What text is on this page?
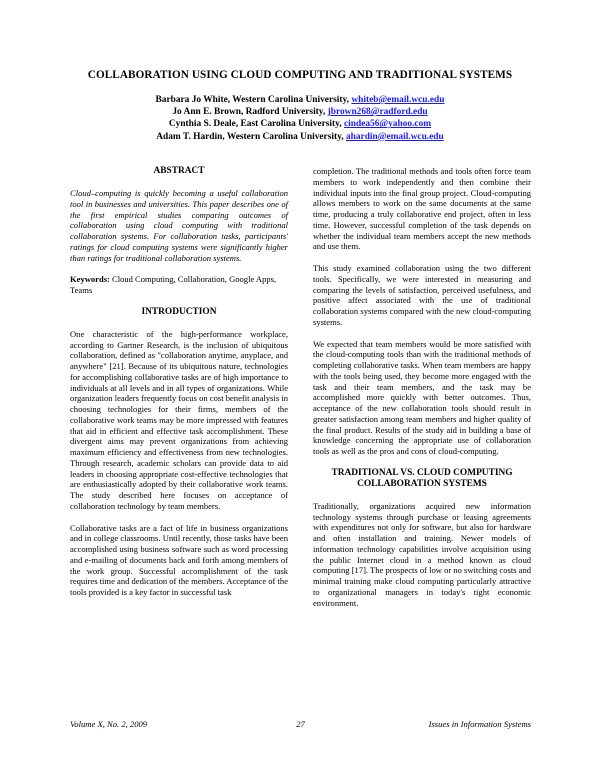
COLLABORATION USING CLOUD COMPUTING AND TRADITIONAL SYSTEMS
Barbara Jo White, Western Carolina University, whiteb@email.wcu.edu
Jo Ann E. Brown, Radford University, jbrown268@radford.edu
Cynthia S. Deale, East Carolina University, cindea56@yahoo.com
Adam T. Hardin, Western Carolina University, ahardin@email.wcu.edu
ABSTRACT

Cloud–computing is quickly becoming a useful collaboration tool in businesses and universities. This paper describes one of the first empirical studies comparing outcomes of collaboration using cloud computing with traditional collaboration systems. For collaboration tasks, participants' ratings for cloud computing systems were significantly higher than ratings for traditional collaboration systems.

Keywords: Cloud Computing, Collaboration, Google Apps, Teams

INTRODUCTION

One characteristic of the high-performance workplace, according to Gartner Research, is the inclusion of ubiquitous collaboration, defined as "collaboration anytime, anyplace, and anywhere" [21]. Because of its ubiquitous nature, technologies for accomplishing collaborative tasks are of high importance to individuals at all levels and in all types of organizations. While organization leaders frequently focus on cost benefit analysis in choosing technologies for their firms, members of the collaborative work teams may be more impressed with features that aid in efficient and effective task accomplishment. These divergent aims may prevent organizations from achieving maximum efficiency and effectiveness from new technologies. Through research, academic scholars can provide data to aid leaders in choosing appropriate cost-effective technologies that are enthusiastically adopted by their collaborative work teams. The study described here focuses on acceptance of collaboration technology by team members.

Collaborative tasks are a fact of life in business organizations and in college classrooms. Until recently, those tasks have been accomplished using business software such as word processing and e-mailing of documents back and forth among members of the work group. Successful accomplishment of the task requires time and dedication of the members. Acceptance of the tools provided is a key factor in successful task

completion. The traditional methods and tools often force team members to work independently and then combine their individual inputs into the final group project. Cloud-computing allows members to work on the same documents at the same time, producing a truly collaborative end project, often in less time. However, successful completion of the task depends on whether the individual team members accept the new methods and use them.

This study examined collaboration using the two different tools. Specifically, we were interested in measuring and comparing the levels of satisfaction, perceived usefulness, and positive affect associated with the use of traditional collaboration systems compared with the new cloud-computing systems.

We expected that team members would be more satisfied with the cloud-computing tools than with the traditional methods of completing collaborative tasks. When team members are happy with the tools being used, they become more engaged with the task and their team members, and the task may be accomplished more quickly with better outcomes. Thus, acceptance of the new collaboration tools should result in greater satisfaction among team members and higher quality of the final product. Results of the study aid in building a base of knowledge concerning the appropriate use of collaboration tools as well as the pros and cons of cloud-computing.

TRADITIONAL VS. CLOUD COMPUTING
COLLABORATION SYSTEMS

Traditionally, organizations acquired new information technology systems through purchase or leasing agreements with expenditures not only for software, but also for hardware and often installation and training. Newer models of information technology capabilities involve acquisition using the public Internet cloud in a method known as cloud computing [17]. The prospects of low or no switching costs and minimal training make cloud computing particularly attractive to organizational managers in today's tight economic environment.

Volume X, No. 2, 2009	27	Issues in Information Systems
